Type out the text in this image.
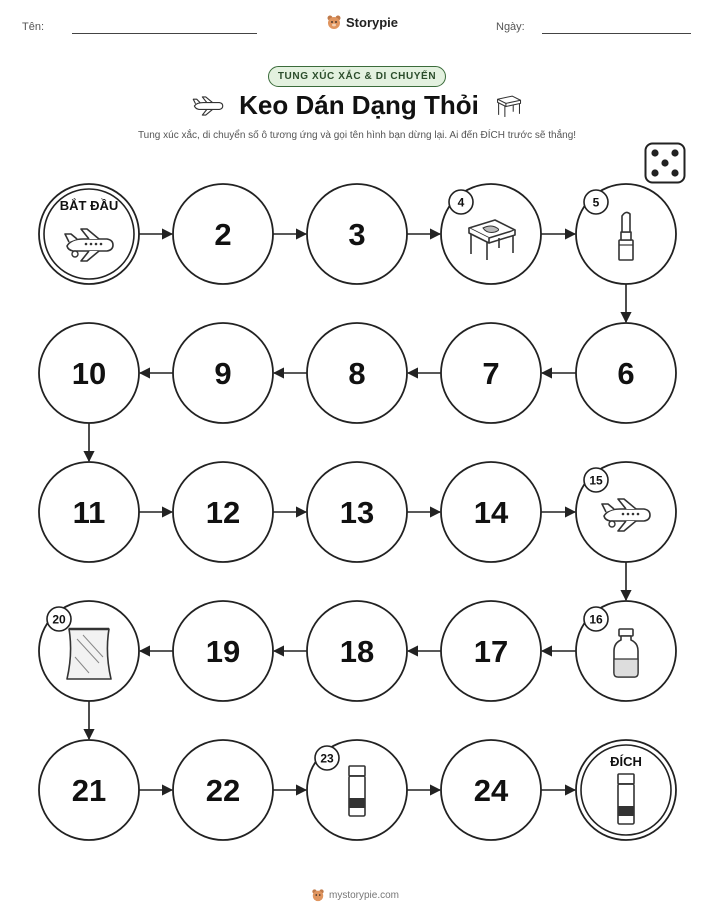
Tên:	Storypie	Ngày:
TUNG XÚC XẮC & DI CHUYỂN
Keo Dán Dạng Thỏi
Tung xúc xắc, di chuyển số ô tương ứng và gọi tên hình bạn dừng lại. Ai đến ĐÍCH trước sẽ thắng!
BẮT ĐẦU
2	3
4	5
6
7
8
9
10
11	12	13	14
15
16
17
18
19
20
21	22
23
24
ĐÍCH
mystorypie.com
